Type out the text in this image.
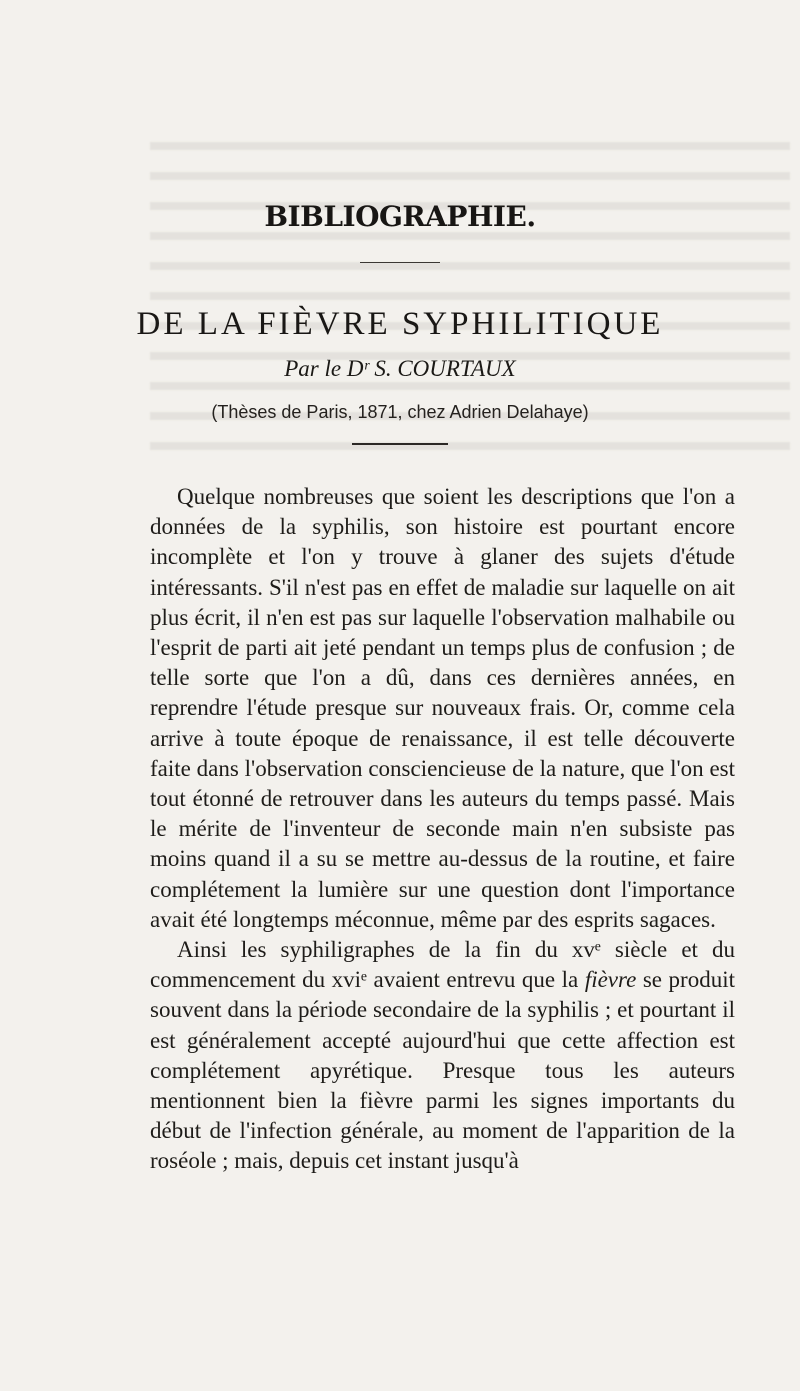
BIBLIOGRAPHIE.
DE LA FIÈVRE SYPHILITIQUE
Par le Dʳ S. COURTAUX
(Thèses de Paris, 1871, chez Adrien Delahaye)

Quelque nombreuses que soient les descriptions que l'on a données de la syphilis, son histoire est pourtant encore incomplète et l'on y trouve à glaner des sujets d'étude intéressants. S'il n'est pas en effet de maladie sur laquelle on ait plus écrit, il n'en est pas sur laquelle l'observation malhabile ou l'esprit de parti ait jeté pendant un temps plus de confusion ; de telle sorte que l'on a dû, dans ces dernières années, en reprendre l'étude presque sur nouveaux frais. Or, comme cela arrive à toute époque de renaissance, il est telle découverte faite dans l'observation consciencieuse de la nature, que l'on est tout étonné de retrouver dans les auteurs du temps passé. Mais le mérite de l'inventeur de seconde main n'en subsiste pas moins quand il a su se mettre au-dessus de la routine, et faire complétement la lumière sur une question dont l'importance avait été longtemps méconnue, même par des esprits sagaces.

Ainsi les syphiligraphes de la fin du xvᵉ siècle et du commencement du xviᵉ avaient entrevu que la fièvre se produit souvent dans la période secondaire de la syphilis ; et pourtant il est généralement accepté aujourd'hui que cette affection est complétement apyrétique. Presque tous les auteurs mentionnent bien la fièvre parmi les signes importants du début de l'infection générale, au moment de l'apparition de la roséole ; mais, depuis cet instant jusqu'à
